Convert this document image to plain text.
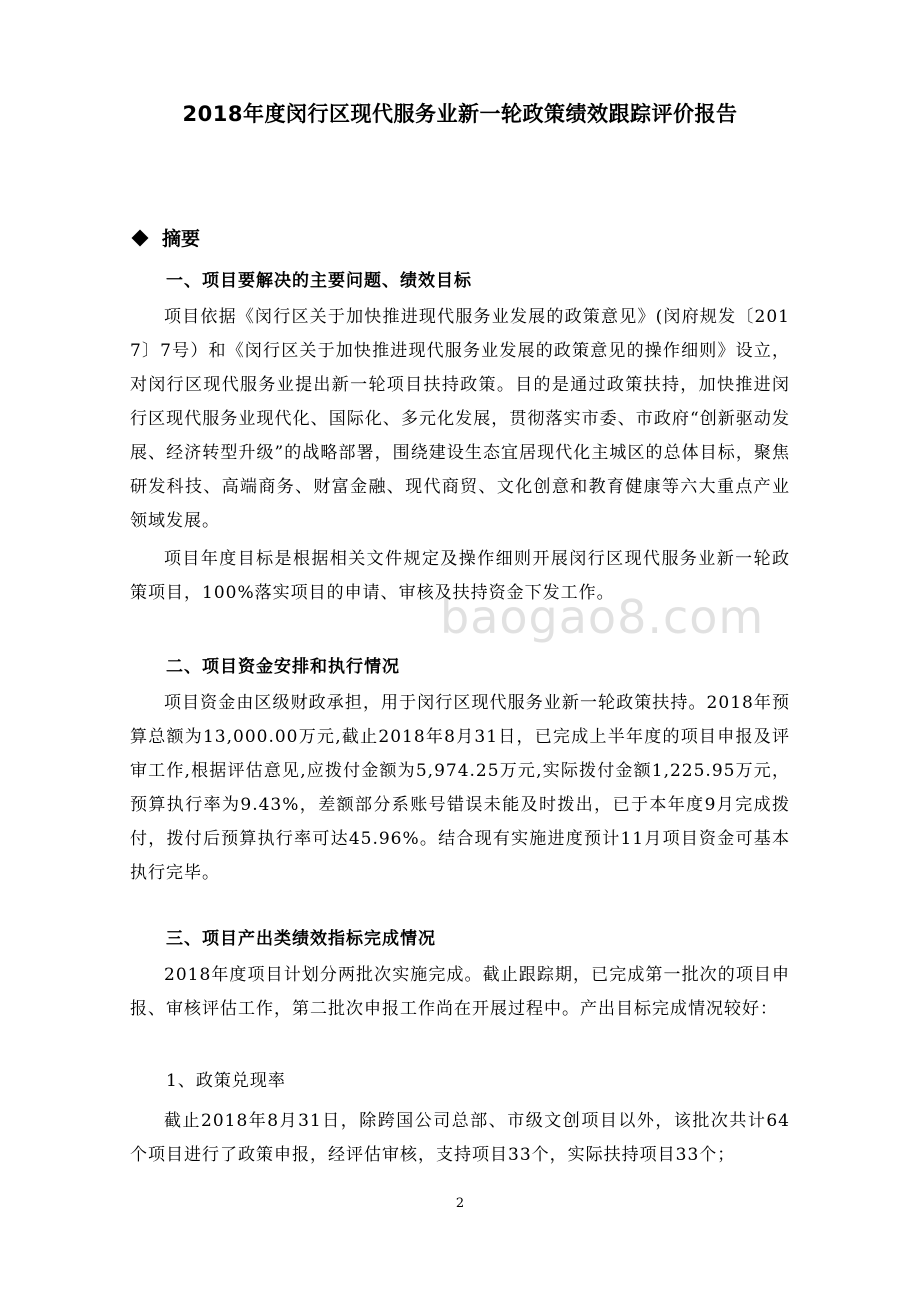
2018年度闵行区现代服务业新一轮政策绩效跟踪评价报告
摘要
一、项目要解决的主要问题、绩效目标

项目依据《闵行区关于加快推进现代服务业发展的政策意见》(闵府规发〔2017〕7号）和《闵行区关于加快推进现代服务业发展的政策意见的操作细则》设立，对闵行区现代服务业提出新一轮项目扶持政策。目的是通过政策扶持，加快推进闵行区现代服务业现代化、国际化、多元化发展，贯彻落实市委、市政府“创新驱动发展、经济转型升级”的战略部署，围绕建设生态宜居现代化主城区的总体目标，聚焦研发科技、高端商务、财富金融、现代商贸、文化创意和教育健康等六大重点产业领域发展。

项目年度目标是根据相关文件规定及操作细则开展闵行区现代服务业新一轮政策项目，100%落实项目的申请、审核及扶持资金下发工作。

二、项目资金安排和执行情况

项目资金由区级财政承担，用于闵行区现代服务业新一轮政策扶持。2018年预算总额为13,000.00万元,截止2018年8月31日，已完成上半年度的项目申报及评审工作,根据评估意见,应拨付金额为5,974.25万元,实际拨付金额1,225.95万元，预算执行率为9.43%，差额部分系账号错误未能及时拨出，已于本年度9月完成拨付，拨付后预算执行率可达45.96%。结合现有实施进度预计11月项目资金可基本执行完毕。

三、项目产出类绩效指标完成情况

2018年度项目计划分两批次实施完成。截止跟踪期，已完成第一批次的项目申报、审核评估工作，第二批次申报工作尚在开展过程中。产出目标完成情况较好：

1、政策兑现率

截止2018年8月31日，除跨国公司总部、市级文创项目以外，该批次共计64个项目进行了政策申报，经评估审核，支持项目33个，实际扶持项目33个；

baogao8.com
2
